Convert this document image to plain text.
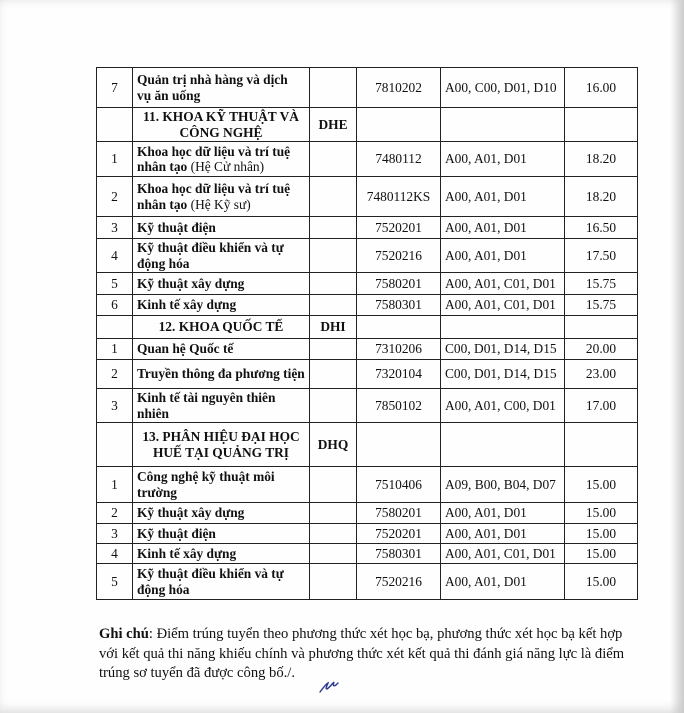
7	Quản trị nhà hàng và dịch vụ ăn uống		7810202	A00, C00, D01, D10	16.00
	11. KHOA KỸ THUẬT VÀ CÔNG NGHỆ	DHE			
1	Khoa học dữ liệu và trí tuệ nhân tạo (Hệ Cử nhân)		7480112	A00, A01, D01	18.20
2	Khoa học dữ liệu và trí tuệ nhân tạo (Hệ Kỹ sư)		7480112KS	A00, A01, D01	18.20
3	Kỹ thuật điện		7520201	A00, A01, D01	16.50
4	Kỹ thuật điều khiển và tự động hóa		7520216	A00, A01, D01	17.50
5	Kỹ thuật xây dựng		7580201	A00, A01, C01, D01	15.75
6	Kinh tế xây dựng		7580301	A00, A01, C01, D01	15.75
	12. KHOA QUỐC TẾ	DHI			
1	Quan hệ Quốc tế		7310206	C00, D01, D14, D15	20.00
2	Truyền thông đa phương tiện		7320104	C00, D01, D14, D15	23.00
3	Kinh tế tài nguyên thiên nhiên		7850102	A00, A01, C00, D01	17.00
	13. PHÂN HIỆU ĐẠI HỌC HUẾ TẠI QUẢNG TRỊ	DHQ			
1	Công nghệ kỹ thuật môi trường		7510406	A09, B00, B04, D07	15.00
2	Kỹ thuật xây dựng		7580201	A00, A01, D01	15.00
3	Kỹ thuật điện		7520201	A00, A01, D01	15.00
4	Kinh tế xây dựng		7580301	A00, A01, C01, D01	15.00
5	Kỹ thuật điều khiển và tự động hóa		7520216	A00, A01, D01	15.00
Ghi chú: Điểm trúng tuyển theo phương thức xét học bạ, phương thức xét học bạ kết hợp với kết quả thi năng khiếu chính và phương thức xét kết quả thi đánh giá năng lực là điểm trúng sơ tuyển đã được công bố./.
